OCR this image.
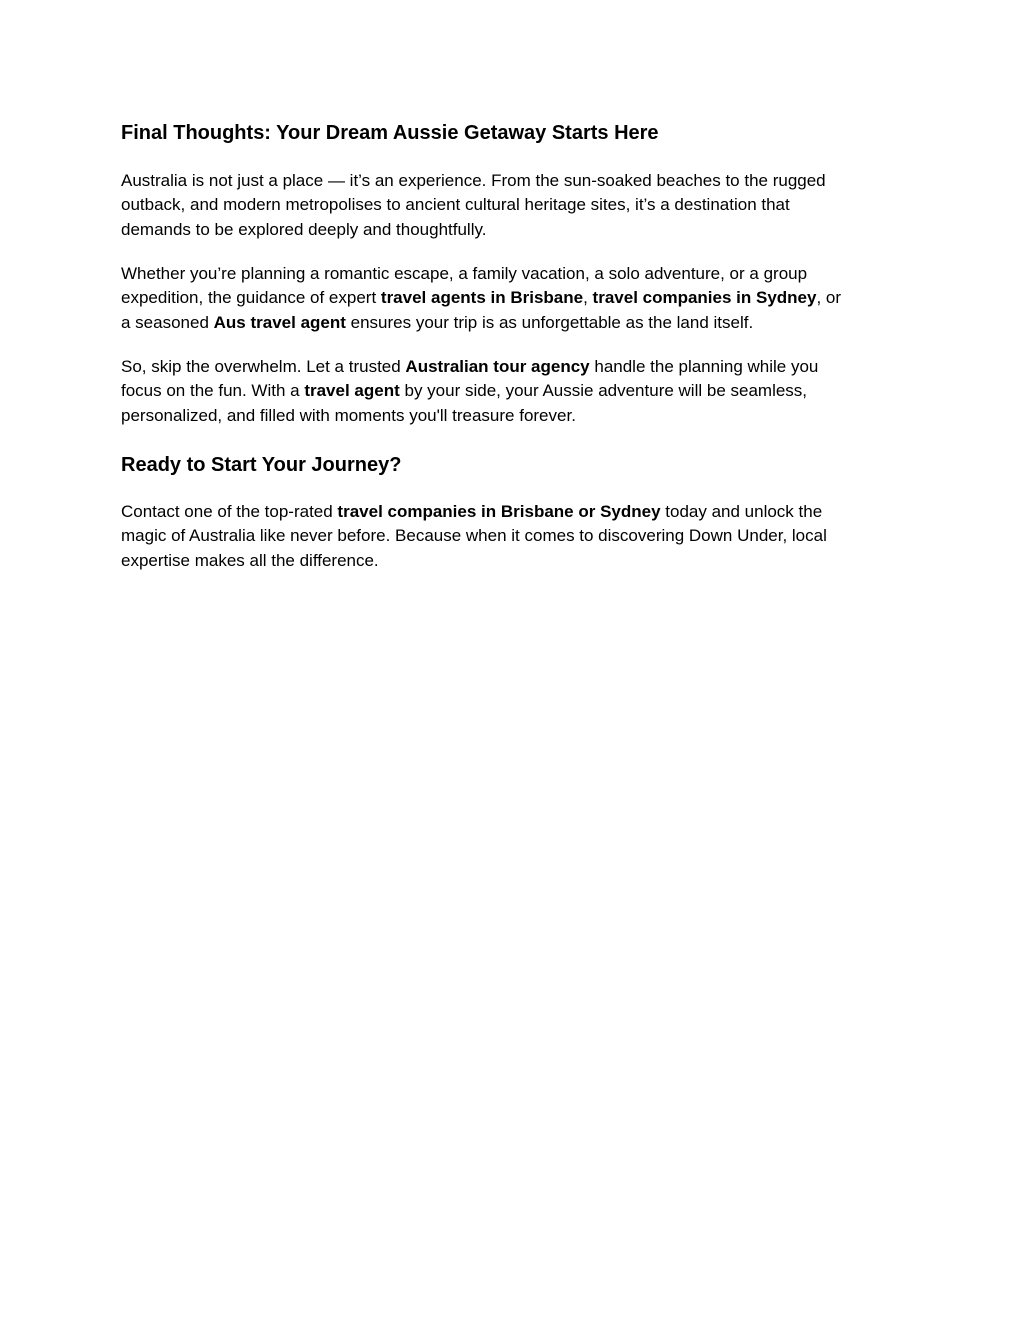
Final Thoughts: Your Dream Aussie Getaway Starts Here

Australia is not just a place — it’s an experience. From the sun-soaked beaches to the rugged
outback, and modern metropolises to ancient cultural heritage sites, it’s a destination that
demands to be explored deeply and thoughtfully.

Whether you’re planning a romantic escape, a family vacation, a solo adventure, or a group
expedition, the guidance of expert travel agents in Brisbane, travel companies in Sydney, or
a seasoned Aus travel agent ensures your trip is as unforgettable as the land itself.

So, skip the overwhelm. Let a trusted Australian tour agency handle the planning while you
focus on the fun. With a travel agent by your side, your Aussie adventure will be seamless,
personalized, and filled with moments you'll treasure forever.

Ready to Start Your Journey?

Contact one of the top-rated travel companies in Brisbane or Sydney today and unlock the
magic of Australia like never before. Because when it comes to discovering Down Under, local
expertise makes all the difference.
